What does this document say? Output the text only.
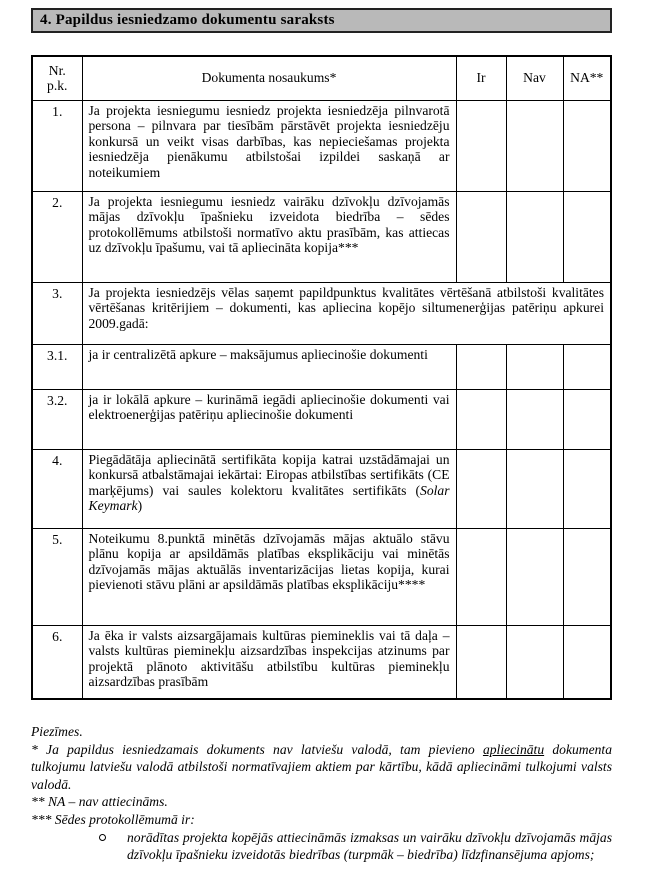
4. Papildus iesniedzamo dokumentu saraksts
Nr.
p.k.	Dokumenta nosaukums*	Ir	Nav	NA**
1.	Ja projekta iesniegumu iesniedz projekta iesniedzēja pilnvarotā persona – pilnvara par tiesībām pārstāvēt projekta iesniedzēju konkursā un veikt visas darbības, kas nepieciešamas projekta iesniedzēja pienākumu atbilstošai izpildei saskaņā ar noteikumiem			
2.	Ja projekta iesniegumu iesniedz vairāku dzīvokļu dzīvojamās mājas dzīvokļu īpašnieku izveidota biedrība – sēdes protokollēmums atbilstoši normatīvo aktu prasībām, kas attiecas uz dzīvokļu īpašumu, vai tā apliecināta kopija***			
3.	Ja projekta iesniedzējs vēlas saņemt papildpunktus kvalitātes vērtēšanā atbilstoši kvalitātes vērtēšanas kritērijiem – dokumenti, kas apliecina kopējo siltumenerģijas patēriņu apkurei 2009.gadā:			
3.1.	ja ir centralizētā apkure – maksājumus apliecinošie dokumenti			
3.2.	ja ir lokālā apkure – kurināmā iegādi apliecinošie dokumenti vai elektroenerģijas patēriņu apliecinošie dokumenti			
4.	Piegādātāja apliecinātā sertifikāta kopija katrai uzstādāmajai un konkursā atbalstāmajai iekārtai: Eiropas atbilstības sertifikāts (CE marķējums) vai saules kolektoru kvalitātes sertifikāts (Solar Keymark)			
5.	Noteikumu 8.punktā minētās dzīvojamās mājas aktuālo stāvu plānu kopija ar apsildāmās platības eksplikāciju vai minētās dzīvojamās mājas aktuālās inventarizācijas lietas kopija, kurai pievienoti stāvu plāni ar apsildāmās platības eksplikāciju****			
6.	Ja ēka ir valsts aizsargājamais kultūras piemineklis vai tā daļa – valsts kultūras pieminekļu aizsardzības inspekcijas atzinums par projektā plānoto aktivitāšu atbilstību kultūras pieminekļu aizsardzības prasībām			

Piezīmes.

* Ja papildus iesniedzamais dokuments nav latviešu valodā, tam pievieno apliecinātu dokumenta tulkojumu latviešu valodā atbilstoši normatīvajiem aktiem par kārtību, kādā apliecināmi tulkojumi valsts valodā.

** NA – nav attiecināms.

*** Sēdes protokollēmumā ir:

norādītas projekta kopējās attiecināmās izmaksas un vairāku dzīvokļu dzīvojamās mājas dzīvokļu īpašnieku izveidotās biedrības (turpmāk – biedrība) līdzfinansējuma apjoms;
